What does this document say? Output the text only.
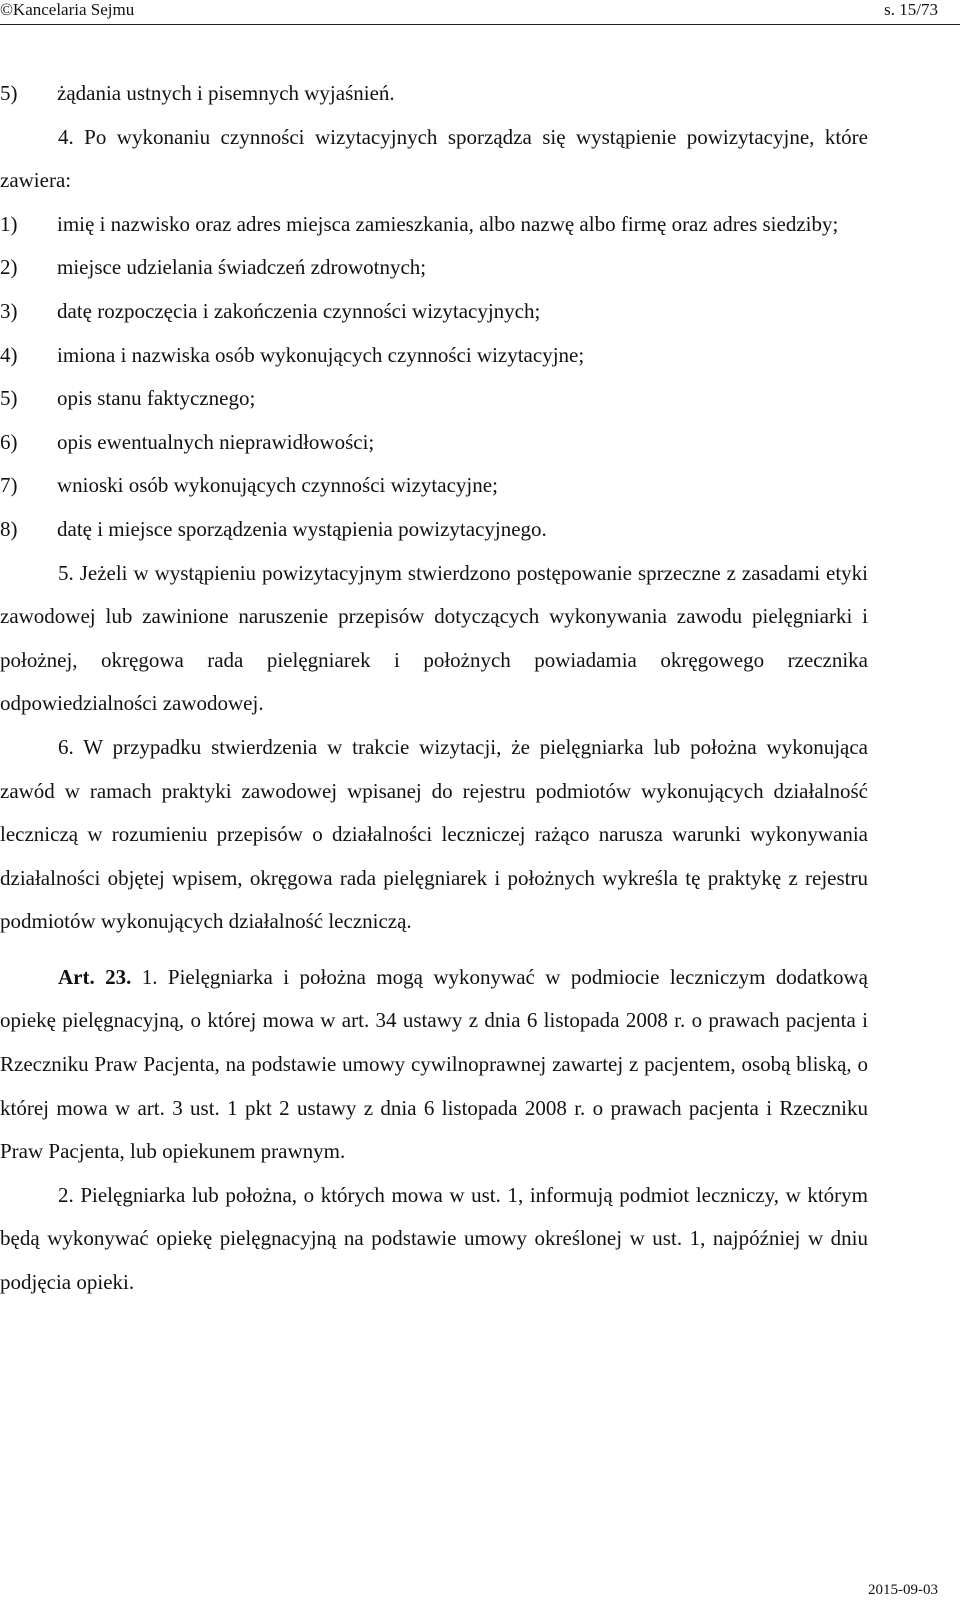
©Kancelaria Sejmu	s. 15/73

5) żądania ustnych i pisemnych wyjaśnień.

4. Po wykonaniu czynności wizytacyjnych sporządza się wystąpienie powizytacyjne, które zawiera:

1) imię i nazwisko oraz adres miejsca zamieszkania, albo nazwę albo firmę oraz adres siedziby;

2) miejsce udzielania świadczeń zdrowotnych;

3) datę rozpoczęcia i zakończenia czynności wizytacyjnych;

4) imiona i nazwiska osób wykonujących czynności wizytacyjne;

5) opis stanu faktycznego;

6) opis ewentualnych nieprawidłowości;

7) wnioski osób wykonujących czynności wizytacyjne;

8) datę i miejsce sporządzenia wystąpienia powizytacyjnego.

5. Jeżeli w wystąpieniu powizytacyjnym stwierdzono postępowanie sprzeczne z zasadami etyki zawodowej lub zawinione naruszenie przepisów dotyczących wykonywania zawodu pielęgniarki i położnej, okręgowa rada pielęgniarek i położnych powiadamia okręgowego rzecznika odpowiedzialności zawodowej.

6. W przypadku stwierdzenia w trakcie wizytacji, że pielęgniarka lub położna wykonująca zawód w ramach praktyki zawodowej wpisanej do rejestru podmiotów wykonujących działalność leczniczą w rozumieniu przepisów o działalności leczniczej rażąco narusza warunki wykonywania działalności objętej wpisem, okręgowa rada pielęgniarek i położnych wykreśla tę praktykę z rejestru podmiotów wykonujących działalność leczniczą.

Art. 23. 1. Pielęgniarka i położna mogą wykonywać w podmiocie leczniczym dodatkową opiekę pielęgnacyjną, o której mowa w art. 34 ustawy z dnia 6 listopada 2008 r. o prawach pacjenta i Rzeczniku Praw Pacjenta, na podstawie umowy cywilnoprawnej zawartej z pacjentem, osobą bliską, o której mowa w art. 3 ust. 1 pkt 2 ustawy z dnia 6 listopada 2008 r. o prawach pacjenta i Rzeczniku Praw Pacjenta, lub opiekunem prawnym.

2. Pielęgniarka lub położna, o których mowa w ust. 1, informują podmiot leczniczy, w którym będą wykonywać opiekę pielęgnacyjną na podstawie umowy określonej w ust. 1, najpóźniej w dniu podjęcia opieki.

2015-09-03
